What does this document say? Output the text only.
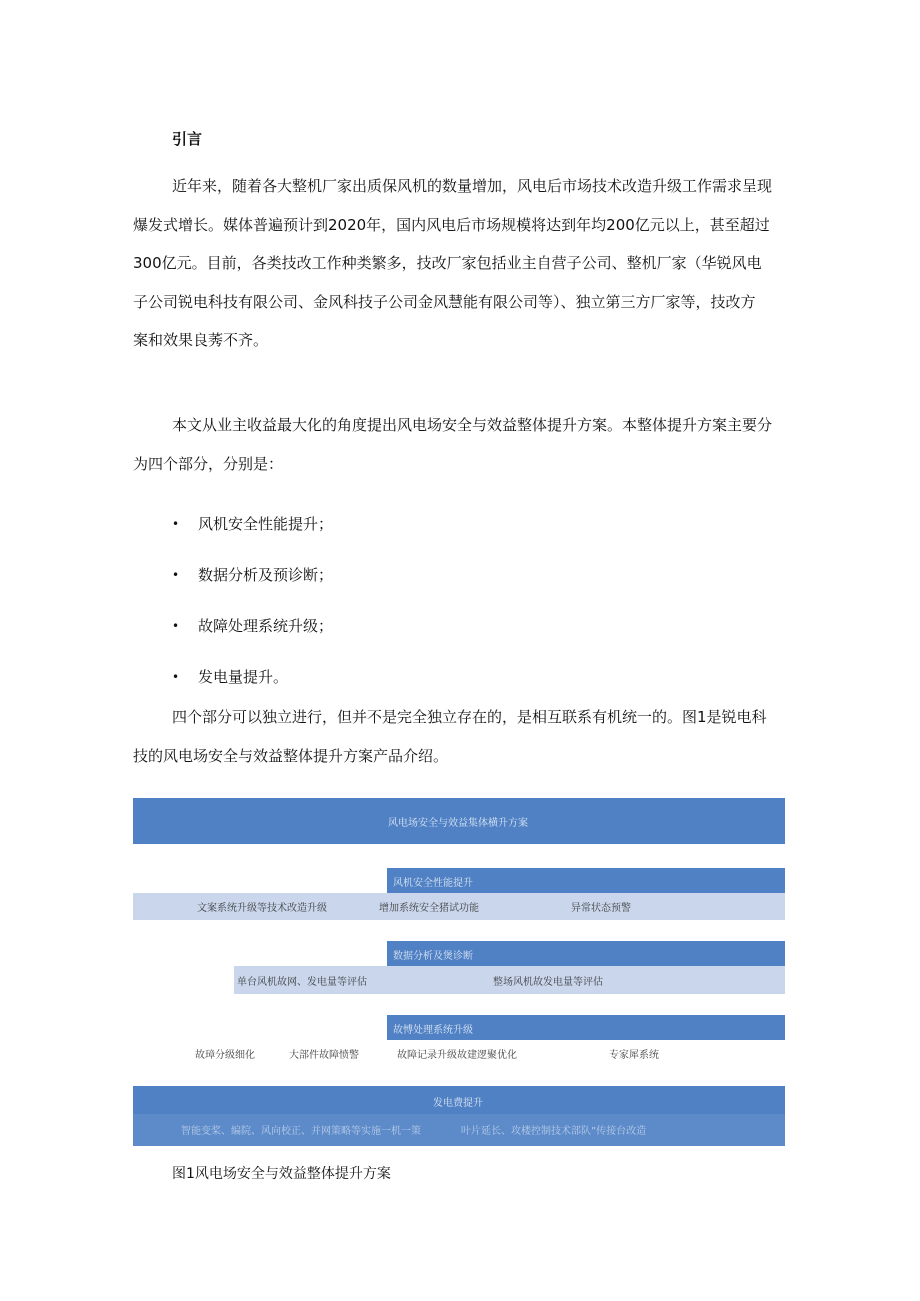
引言
近年来，随着各大整机厂家出质保风机的数量增加，风电后市场技术改造升级工作需求呈现
爆发式增长。媒体普遍预计到2020年，国内风电后市场规模将达到年均200亿元以上，甚至超过
300亿元。目前，各类技改工作种类繁多，技改厂家包括业主自营子公司、整机厂家（华锐风电
子公司锐电科技有限公司、金风科技子公司金风慧能有限公司等）、独立第三方厂家等，技改方
案和效果良莠不齐。
本文从业主收益最大化的角度提出风电场安全与效益整体提升方案。本整体提升方案主要分
为四个部分，分别是：
• 风机安全性能提升；
• 数据分析及预诊断；
• 故障处理系统升级；
• 发电量提升。
四个部分可以独立进行，但并不是完全独立存在的，是相互联系有机统一的。图1是锐电科
技的风电场安全与效益整体提升方案产品介绍。
风电场安全与效益集体横升方案
风机安全性能提升
文案系统升级等技术改造升级	增加系统安全猪试功能	异常状态预警
数据分析及煲诊断
单台风机故网、发电量等评估	整场风机故发电量等评估
故愽处理系统升级
故璋分级细化	大部件故障愤警	故障记录升级故建逻聚优化	专家犀系统
发电费提升
智能变桨、编院、风向校正、并网策略等实施一机一策	叶片延长、攻楼控制技术部队”传接台改造
图1风电场安全与效益整体提升方案
